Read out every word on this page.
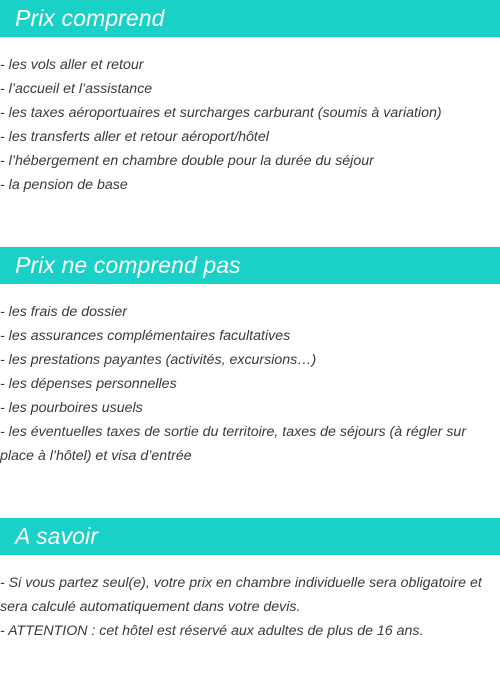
Prix comprend
- les vols aller et retour
- l’accueil et l’assistance
- les taxes aéroportuaires et surcharges carburant (soumis à variation)
- les transferts aller et retour aéroport/hôtel
- l’hébergement en chambre double pour la durée du séjour
- la pension de base
Prix ne comprend pas
- les frais de dossier
- les assurances complémentaires facultatives
- les prestations payantes (activités, excursions…)
- les dépenses personnelles
- les pourboires usuels
- les éventuelles taxes de sortie du territoire, taxes de séjours (à régler sur place à l’hôtel) et visa d’entrée
A savoir
- Si vous partez seul(e), votre prix en chambre individuelle sera obligatoire et sera calculé automatiquement dans votre devis.
- ATTENTION : cet hôtel est réservé aux adultes de plus de 16 ans.
